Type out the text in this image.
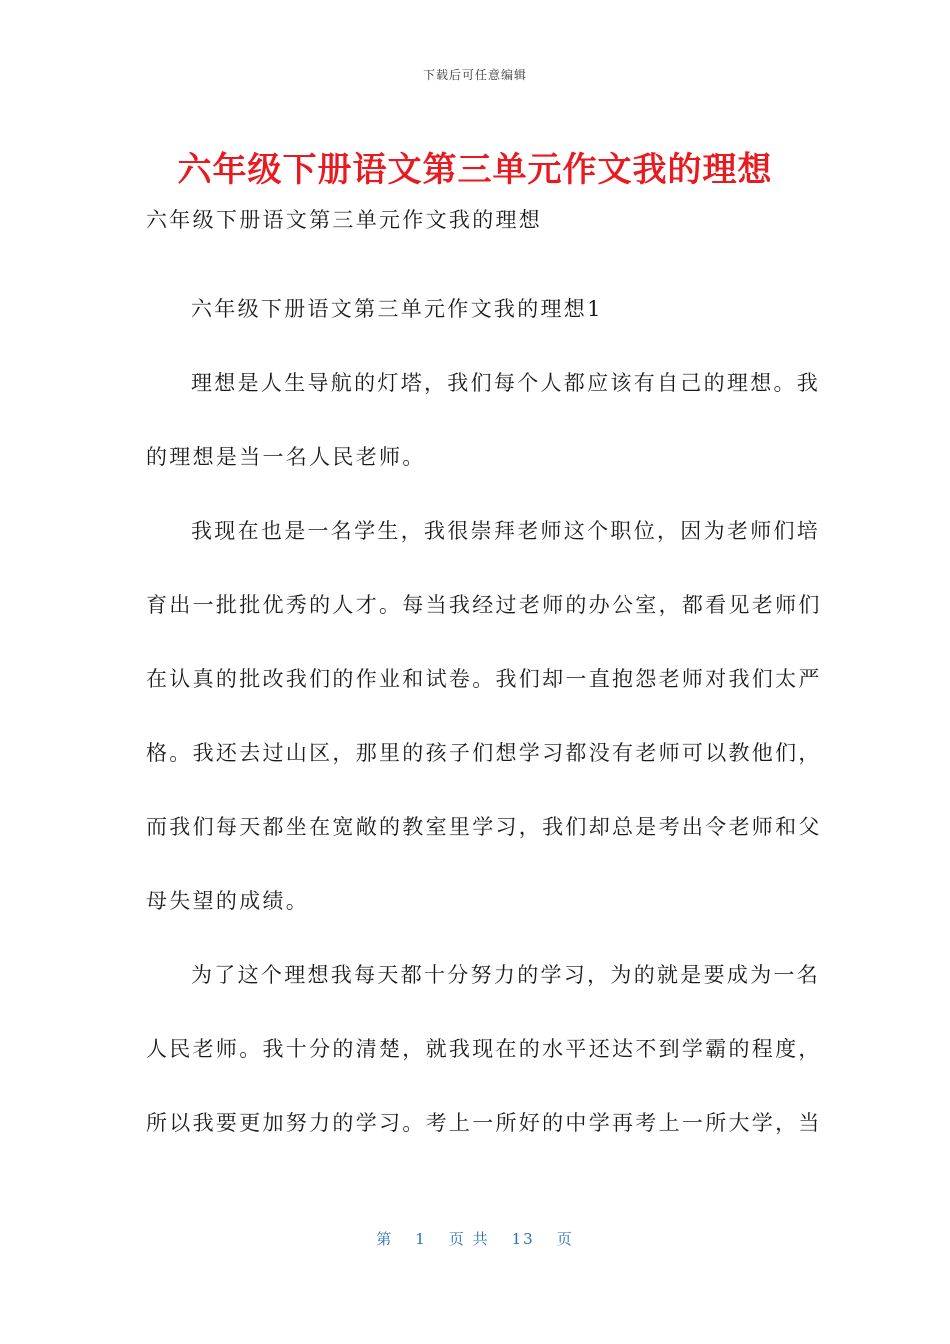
下载后可任意编辑
六年级下册语文第三单元作文我的理想

六年级下册语文第三单元作文我的理想

六年级下册语文第三单元作文我的理想1

理想是人生导航的灯塔，我们每个人都应该有自己的理想。我

的理想是当一名人民老师。

我现在也是一名学生，我很崇拜老师这个职位，因为老师们培

育出一批批优秀的人才。每当我经过老师的办公室，都看见老师们

在认真的批改我们的作业和试卷。我们却一直抱怨老师对我们太严

格。我还去过山区，那里的孩子们想学习都没有老师可以教他们，

而我们每天都坐在宽敞的教室里学习，我们却总是考出令老师和父

母失望的成绩。

为了这个理想我每天都十分努力的学习，为的就是要成为一名

人民老师。我十分的清楚，就我现在的水平还达不到学霸的程度，

所以我要更加努力的学习。考上一所好的中学再考上一所大学，当

第 1 页 共 13 页
